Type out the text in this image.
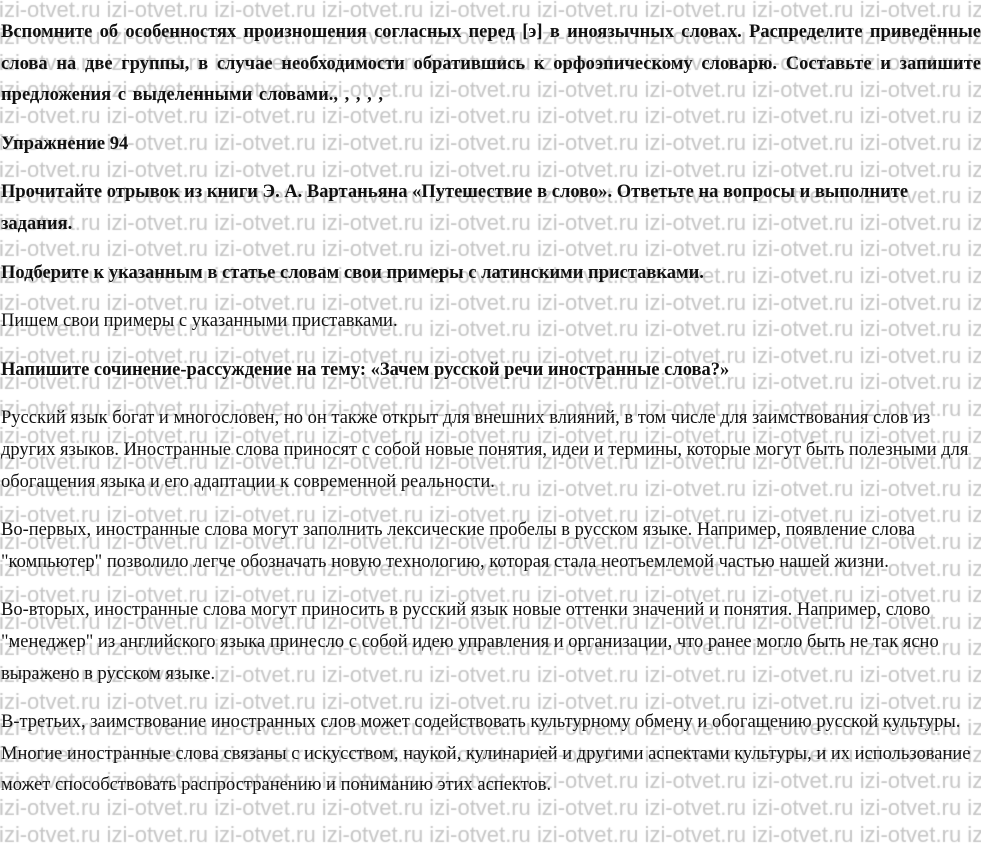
Вспомните об особенностях произношения согласных перед [э] в иноязычных словах. Распределите приведённые слова на две группы, в случае необходимости обратившись к орфоэпическому словарю. Составьте и запишите предложения с выделенными словами., , , , ,

Упражнение 94

Прочитайте отрывок из книги Э. А. Вартаньяна «Путешествие в слово». Ответьте на вопросы и выполните задания.

Подберите к указанным в статье словам свои примеры с латинскими приставками.

Пишем свои примеры с указанными приставками.

Напишите сочинение-рассуждение на тему: «Зачем русской речи иностранные слова?»

Русский язык богат и многословен, но он также открыт для внешних влияний, в том числе для заимствования слов из других языков. Иностранные слова приносят с собой новые понятия, идеи и термины, которые могут быть полезными для обогащения языка и его адаптации к современной реальности.

Во-первых, иностранные слова могут заполнить лексические пробелы в русском языке. Например, появление слова "компьютер" позволило легче обозначать новую технологию, которая стала неотъемлемой частью нашей жизни.

Во-вторых, иностранные слова могут приносить в русский язык новые оттенки значений и понятия. Например, слово "менеджер" из английского языка принесло с собой идею управления и организации, что ранее могло быть не так ясно выражено в русском языке.

В-третьих, заимствование иностранных слов может содействовать культурному обмену и обогащению русской культуры. Многие иностранные слова связаны с искусством, наукой, кулинарией и другими аспектами культуры, и их использование может способствовать распространению и пониманию этих аспектов.
